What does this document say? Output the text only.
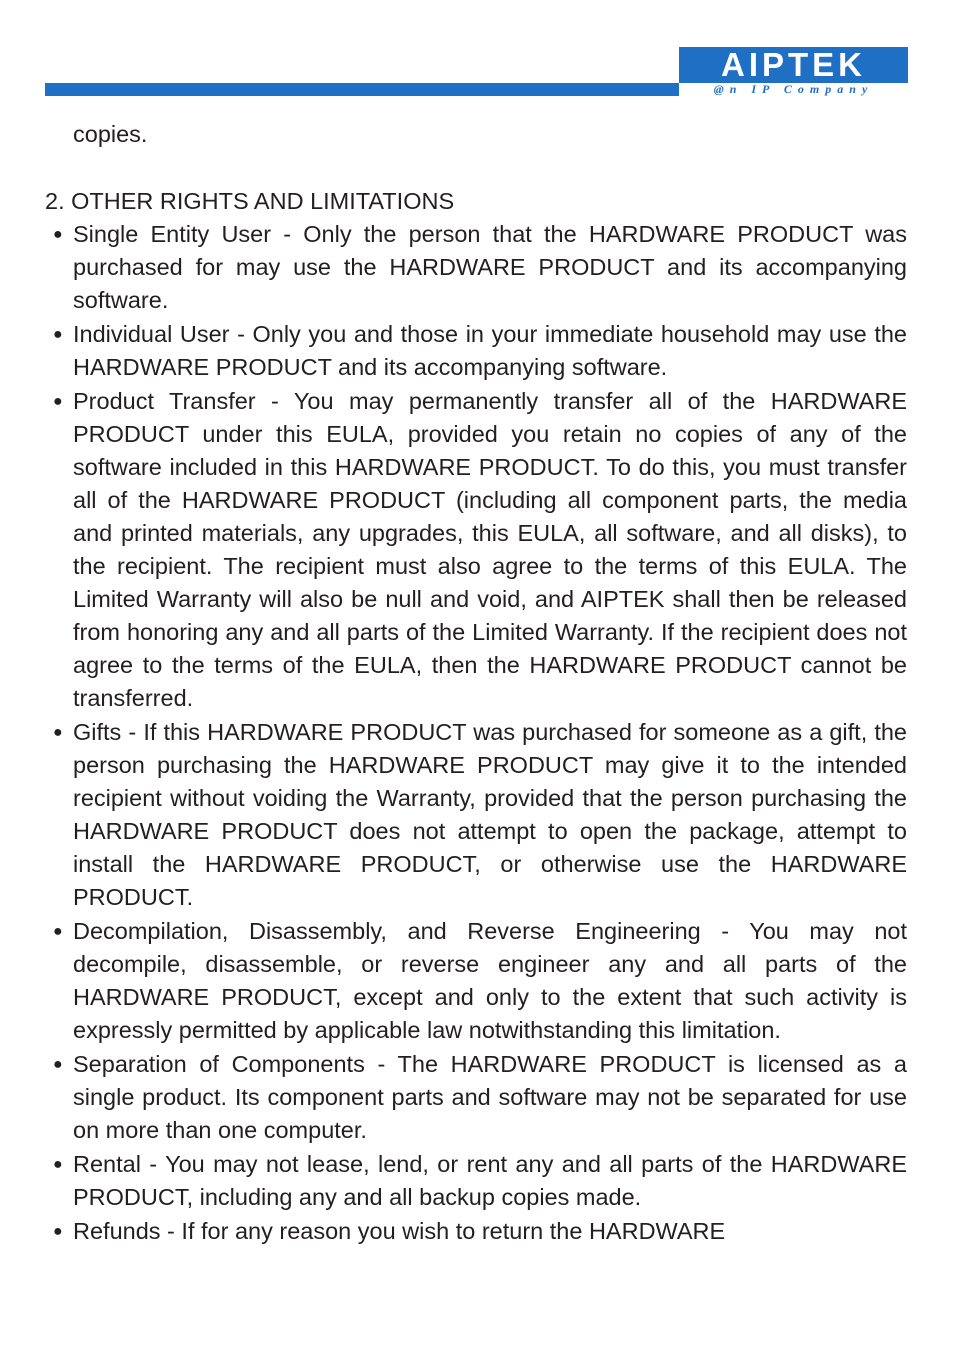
AIPTEK
@n IP Company

copies.

2. OTHER RIGHTS AND LIMITATIONS

● Single Entity User - Only the person that the HARDWARE PRODUCT was purchased for may use the HARDWARE PRODUCT and its accompanying software.
● Individual User - Only you and those in your immediate household may use the HARDWARE PRODUCT and its accompanying software.
● Product Transfer - You may permanently transfer all of the HARDWARE PRODUCT under this EULA, provided you retain no copies of any of the software included in this HARDWARE PRODUCT. To do this, you must transfer all of the HARDWARE PRODUCT (including all component parts, the media and printed materials, any upgrades, this EULA, all software, and all disks), to the recipient. The recipient must also agree to the terms of this EULA. The Limited Warranty will also be null and void, and AIPTEK shall then be released from honoring any and all parts of the Limited Warranty. If the recipient does not agree to the terms of the EULA, then the HARDWARE PRODUCT cannot be transferred.
● Gifts - If this HARDWARE PRODUCT was purchased for someone as a gift, the person purchasing the HARDWARE PRODUCT may give it to the intended recipient without voiding the Warranty, provided that the person purchasing the HARDWARE PRODUCT does not attempt to open the package, attempt to install the HARDWARE PRODUCT, or otherwise use the HARDWARE PRODUCT.
● Decompilation, Disassembly, and Reverse Engineering - You may not decompile, disassemble, or reverse engineer any and all parts of the HARDWARE PRODUCT, except and only to the extent that such activity is expressly permitted by applicable law notwithstanding this limitation.
● Separation of Components - The HARDWARE PRODUCT is licensed as a single product. Its component parts and software may not be separated for use on more than one computer.
● Rental - You may not lease, lend, or rent any and all parts of the HARDWARE PRODUCT, including any and all backup copies made.
● Refunds - If for any reason you wish to return the HARDWARE
